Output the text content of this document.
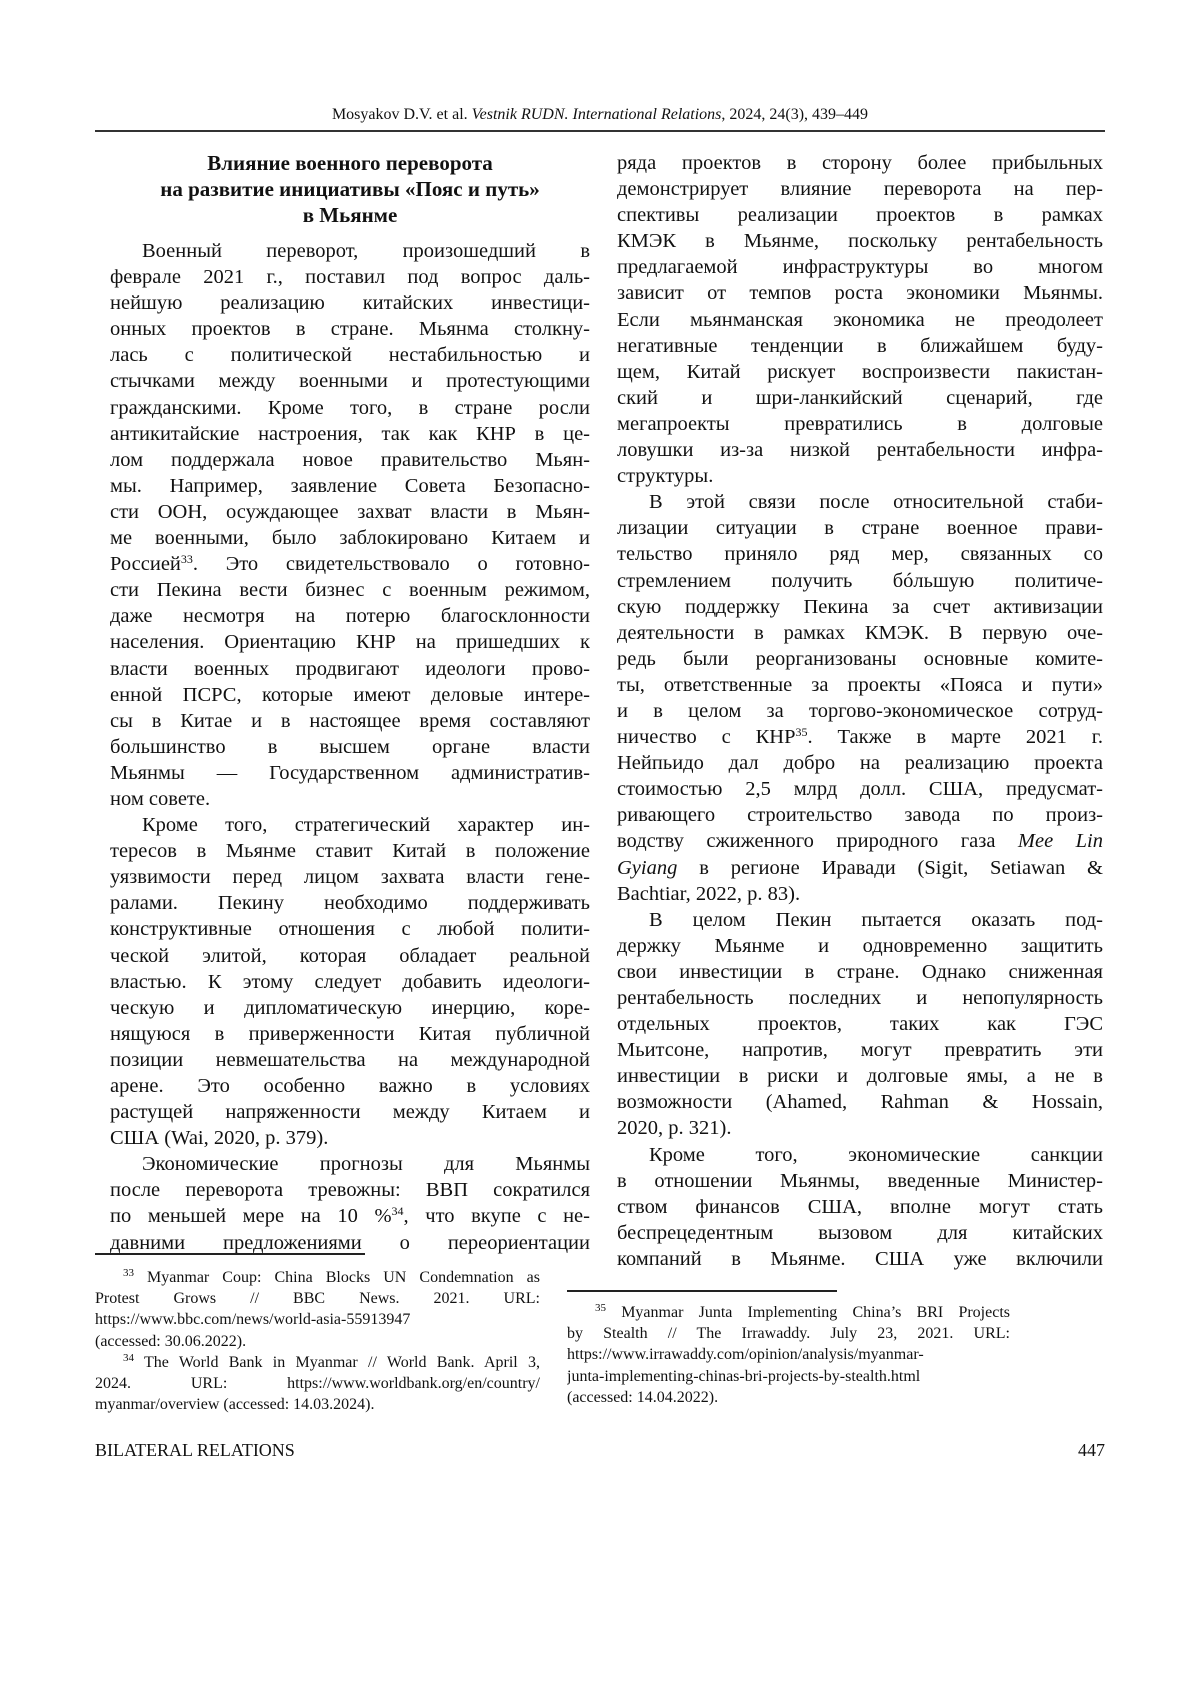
Mosyakov D.V. et al. Vestnik RUDN. International Relations, 2024, 24(3), 439–449
Влияние военного переворота
на развитие инициативы «Пояс и путь»
в Мьянме
Военный переворот, произошедший в
феврале 2021 г., поставил под вопрос даль-
нейшую реализацию китайских инвестици-
онных проектов в стране. Мьянма столкну-
лась с политической нестабильностью и
стычками между военными и протестующими
гражданскими. Кроме того, в стране росли
антикитайские настроения, так как КНР в це-
лом поддержала новое правительство Мьян-
мы. Например, заявление Совета Безопасно-
сти ООН, осуждающее захват власти в Мьян-
ме военными, было заблокировано Китаем и
Россией33. Это свидетельствовало о готовно-
сти Пекина вести бизнес с военным режимом,
даже несмотря на потерю благосклонности
населения. Ориентацию КНР на пришедших к
власти военных продвигают идеологи прово-
енной ПСРС, которые имеют деловые интере-
сы в Китае и в настоящее время составляют
большинство в высшем органе власти
Мьянмы — Государственном административ-
ном совете.
Кроме того, стратегический характер ин-
тересов в Мьянме ставит Китай в положение
уязвимости перед лицом захвата власти гене-
ралами. Пекину необходимо поддерживать
конструктивные отношения с любой полити-
ческой элитой, которая обладает реальной
властью. К этому следует добавить идеологи-
ческую и дипломатическую инерцию, коре-
нящуюся в приверженности Китая публичной
позиции невмешательства на международной
арене. Это особенно важно в условиях
растущей напряженности между Китаем и
США (Wai, 2020, p. 379).
Экономические прогнозы для Мьянмы
после переворота тревожны: ВВП сократился
по меньшей мере на 10 %34, что вкупе с не-
давними предложениями о переориентации
ряда проектов в сторону более прибыльных
демонстрирует влияние переворота на пер-
спективы реализации проектов в рамках
КМЭК в Мьянме, поскольку рентабельность
предлагаемой инфраструктуры во многом
зависит от темпов роста экономики Мьянмы.
Если мьянманская экономика не преодолеет
негативные тенденции в ближайшем буду-
щем, Китай рискует воспроизвести пакистан-
ский и шри-ланкийский сценарий, где
мегапроекты превратились в долговые
ловушки из-за низкой рентабельности инфра-
структуры.
В этой связи после относительной стаби-
лизации ситуации в стране военное прави-
тельство приняло ряд мер, связанных со
стремлением получить бóльшую политиче-
скую поддержку Пекина за счет активизации
деятельности в рамках КМЭК. В первую оче-
редь были реорганизованы основные комите-
ты, ответственные за проекты «Пояса и пути»
и в целом за торгово-экономическое сотруд-
ничество с КНР35. Также в марте 2021 г.
Нейпьидо дал добро на реализацию проекта
стоимостью 2,5 млрд долл. США, предусмат-
ривающего строительство завода по произ-
водству сжиженного природного газа Mee Lin
Gyiang в регионе Иравади (Sigit, Setiawan &
Bachtiar, 2022, p. 83).
В целом Пекин пытается оказать под-
держку Мьянме и одновременно защитить
свои инвестиции в стране. Однако сниженная
рентабельность последних и непопулярность
отдельных проектов, таких как ГЭС
Мьитсоне, напротив, могут превратить эти
инвестиции в риски и долговые ямы, а не в
возможности (Ahamed, Rahman & Hossain,
2020, p. 321).
Кроме того, экономические санкции
в отношении Мьянмы, введенные Министер-
ством финансов США, вполне могут стать
беспрецедентным вызовом для китайских
компаний в Мьянме. США уже включили
33 Myanmar Coup: China Blocks UN Condemnation as
Protest Grows // BBC News. 2021. URL:
https://www.bbc.com/news/world-asia-55913947
(accessed: 30.06.2022).
34 The World Bank in Myanmar // World Bank. April 3,
2024. URL: https://www.worldbank.org/en/country/
myanmar/overview (accessed: 14.03.2024).
35 Myanmar Junta Implementing China’s BRI Projects
by Stealth // The Irrawaddy. July 23, 2021. URL:
https://www.irrawaddy.com/opinion/analysis/myanmar-
junta-implementing-chinas-bri-projects-by-stealth.html
(accessed: 14.04.2022).
BILATERAL RELATIONS	447
